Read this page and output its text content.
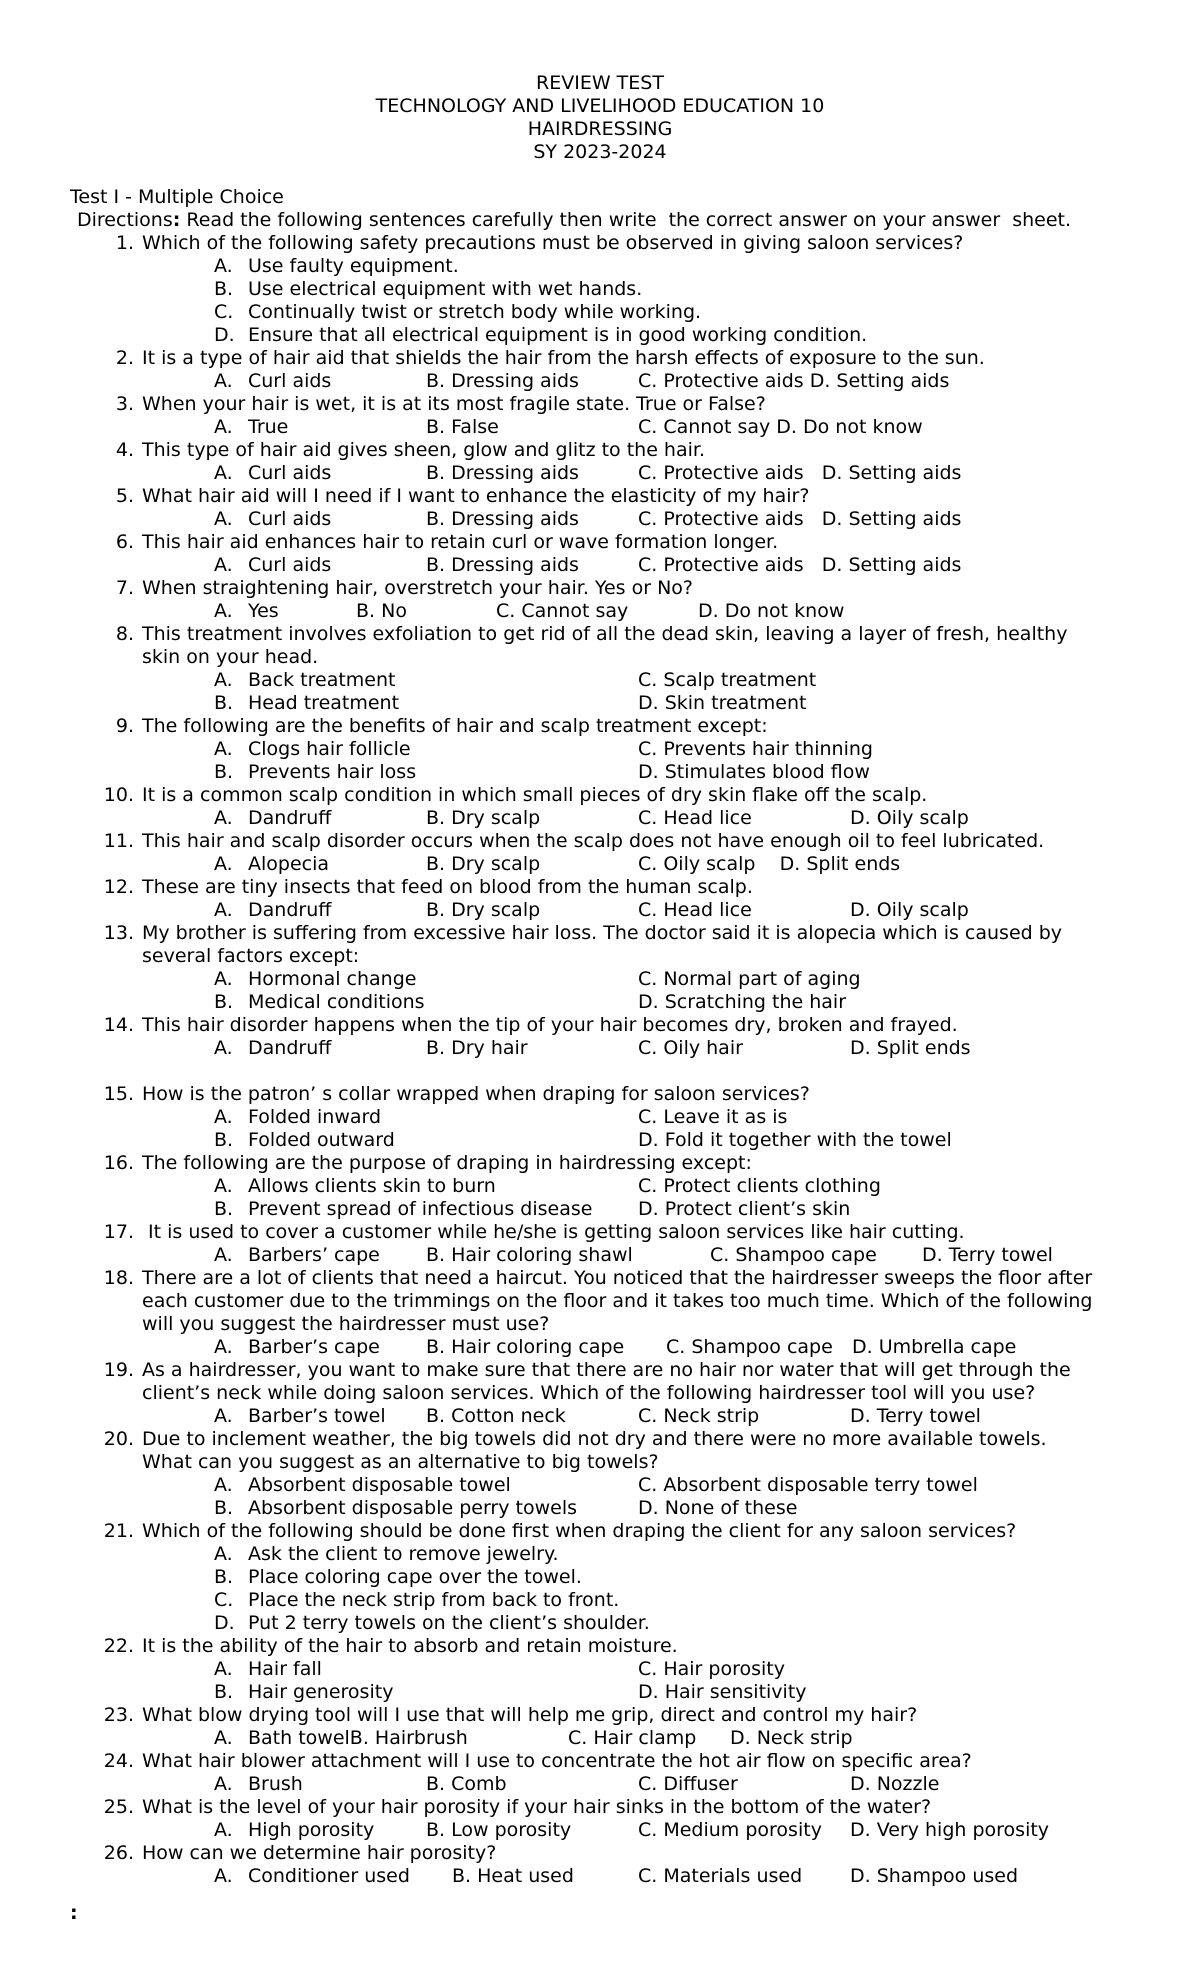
REVIEW TEST
TECHNOLOGY AND LIVELIHOOD EDUCATION 10
HAIRDRESSING
SY 2023-2024
Test I - Multiple Choice
Directions: Read the following sentences carefully then write  the correct answer on your answer  sheet.
1. Which of the following safety precautions must be observed in giving saloon services?
A. Use faulty equipment.
B. Use electrical equipment with wet hands.
C. Continually twist or stretch body while working.
D. Ensure that all electrical equipment is in good working condition.
2. It is a type of hair aid that shields the hair from the harsh effects of exposure to the sun.
A. Curl aids	B. Dressing aids	C. Protective aids D. Setting aids
3. When your hair is wet, it is at its most fragile state. True or False?
A. True	B. False	C. Cannot say D. Do not know
4. This type of hair aid gives sheen, glow and glitz to the hair.
A. Curl aids	B. Dressing aids	C. Protective aids   D. Setting aids
5. What hair aid will I need if I want to enhance the elasticity of my hair?
A. Curl aids	B. Dressing aids	C. Protective aids   D. Setting aids
6. This hair aid enhances hair to retain curl or wave formation longer.
A. Curl aids	B. Dressing aids	C. Protective aids   D. Setting aids
7. When straightening hair, overstretch your hair. Yes or No?
A. Yes	B. No	C. Cannot say	D. Do not know
8. This treatment involves exfoliation to get rid of all the dead skin, leaving a layer of fresh, healthy
skin on your head.
A. Back treatment	C. Scalp treatment
B. Head treatment	D. Skin treatment
9. The following are the benefits of hair and scalp treatment except:
A. Clogs hair follicle	C. Prevents hair thinning
B. Prevents hair loss	D. Stimulates blood flow
10. It is a common scalp condition in which small pieces of dry skin flake off the scalp.
A. Dandruff	B. Dry scalp	C. Head lice	D. Oily scalp
11. This hair and scalp disorder occurs when the scalp does not have enough oil to feel lubricated.
A. Alopecia	B. Dry scalp	C. Oily scalp    D. Split ends
12. These are tiny insects that feed on blood from the human scalp.
A. Dandruff	B. Dry scalp	C. Head lice	D. Oily scalp
13. My brother is suffering from excessive hair loss. The doctor said it is alopecia which is caused by
several factors except:
A. Hormonal change	C. Normal part of aging
B. Medical conditions	D. Scratching the hair
14. This hair disorder happens when the tip of your hair becomes dry, broken and frayed.
A. Dandruff	B. Dry hair	C. Oily hair	D. Split ends
15. How is the patron’ s collar wrapped when draping for saloon services?
A. Folded inward	C. Leave it as is
B. Folded outward	D. Fold it together with the towel
16. The following are the purpose of draping in hairdressing except:
A. Allows clients skin to burn	C. Protect clients clothing
B. Prevent spread of infectious disease D. Protect client’s skin
17. It is used to cover a customer while he/she is getting saloon services like hair cutting.
A. Barbers’ cape B. Hair coloring shawl	C. Shampoo cape D. Terry towel
18. There are a lot of clients that need a haircut. You noticed that the hairdresser sweeps the floor after
each customer due to the trimmings on the floor and it takes too much time. Which of the following
will you suggest the hairdresser must use?
A. Barber’s cape B. Hair coloring cape C. Shampoo cape D. Umbrella cape
19. As a hairdresser, you want to make sure that there are no hair nor water that will get through the
client’s neck while doing saloon services. Which of the following hairdresser tool will you use?
A. Barber’s towel B. Cotton neck	C. Neck strip	D. Terry towel
20. Due to inclement weather, the big towels did not dry and there were no more available towels.
What can you suggest as an alternative to big towels?
A. Absorbent disposable towel	C. Absorbent disposable terry towel
B. Absorbent disposable perry towels	D. None of these
21. Which of the following should be done first when draping the client for any saloon services?
A. Ask the client to remove jewelry.
B. Place coloring cape over the towel.
C. Place the neck strip from back to front.
D. Put 2 terry towels on the client’s shoulder.
22. It is the ability of the hair to absorb and retain moisture.
A. Hair fall	C. Hair porosity
B. Hair generosity	D. Hair sensitivity
23. What blow drying tool will I use that will help me grip, direct and control my hair?
A. Bath towelB. Hairbrush	C. Hair clamp D. Neck strip
24. What hair blower attachment will I use to concentrate the hot air flow on specific area?
A. Brush	B. Comb	C. Diffuser	D. Nozzle
25. What is the level of your hair porosity if your hair sinks in the bottom of the water?
A. High porosity	B. Low porosity	C. Medium porosity D. Very high porosity
26. How can we determine hair porosity?
A. Conditioner used B. Heat used	C. Materials used	D. Shampoo used
:
